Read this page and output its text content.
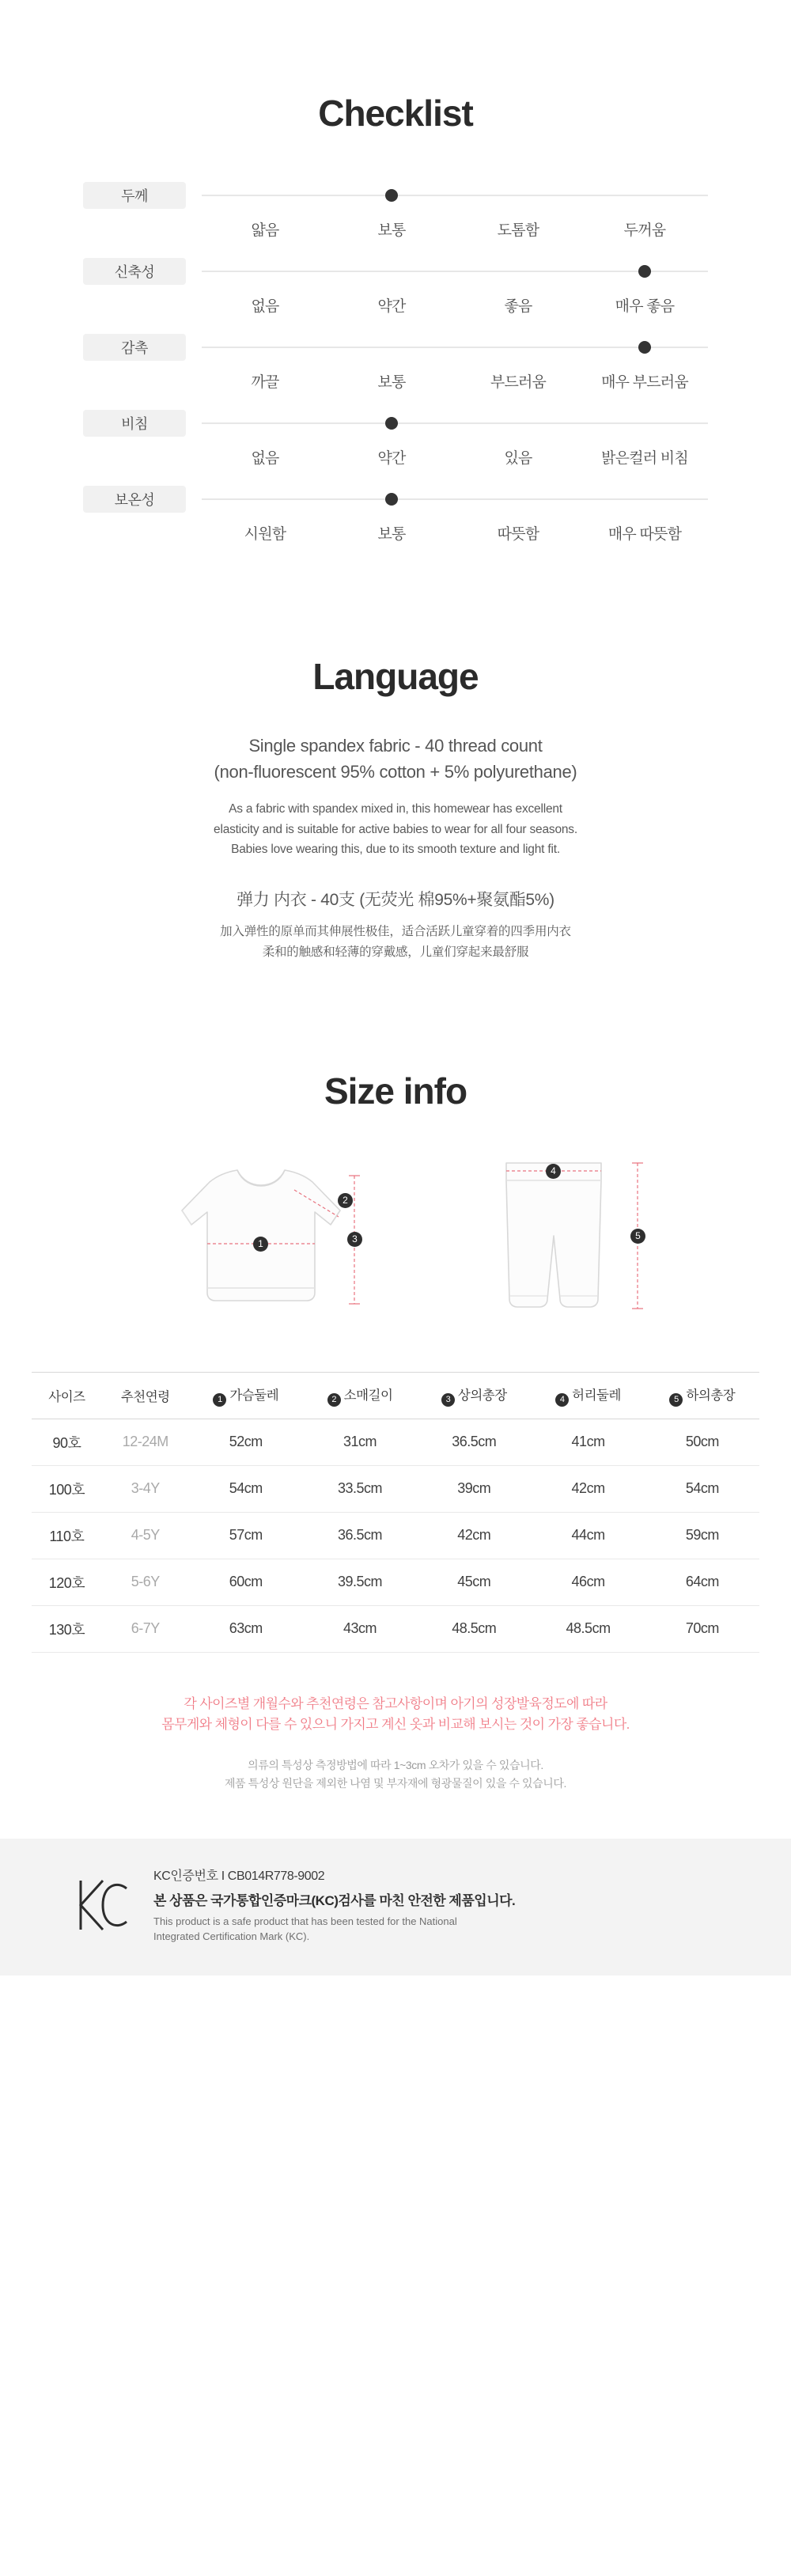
Checklist
두께
얇음	보통	도톰함	두꺼움
신축성
없음	약간	좋음	매우 좋음
감촉
까끌	보통	부드러움	매우 부드러움
비침
없음	약간	있음	밝은컬러 비침
보온성
시원함	보통	따뜻함	매우 따뜻함
Language
Single spandex fabric - 40 thread count
(non-fluorescent 95% cotton + 5% polyurethane)
As a fabric with spandex mixed in, this homewear has excellent
elasticity and is suitable for active babies to wear for all four seasons.
Babies love wearing this, due to its smooth texture and light fit.
弹力 内衣 - 40支 (无荧光 棉95%+聚氨酯5%)
加入弹性的原单而其伸展性极佳，适合活跃儿童穿着的四季用内衣
柔和的触感和轻薄的穿戴感，儿童们穿起来最舒服
Size info
1
2
3
4
5
사이즈	추천연령	1 가슴둘레	2 소매길이	3 상의총장	4 허리둘레	5 하의총장
90호	12-24M	52cm	31cm	36.5cm	41cm	50cm
100호	3-4Y	54cm	33.5cm	39cm	42cm	54cm
110호	4-5Y	57cm	36.5cm	42cm	44cm	59cm
120호	5-6Y	60cm	39.5cm	45cm	46cm	64cm
130호	6-7Y	63cm	43cm	48.5cm	48.5cm	70cm
각 사이즈별 개월수와 추천연령은 참고사항이며 아기의 성장발육정도에 따라
몸무게와 체형이 다를 수 있으니 가지고 계신 옷과 비교해 보시는 것이 가장 좋습니다.
의류의 특성상 측정방법에 따라 1~3cm 오차가 있을 수 있습니다.
제품 특성상 원단을 제외한 나염 및 부자재에 형광물질이 있을 수 있습니다.
KC인증번호 I CB014R778-9002
본 상품은 국가통합인증마크(KC)검사를 마친 안전한 제품입니다.
This product is a safe product that has been tested for the National
Integrated Certification Mark (KC).
